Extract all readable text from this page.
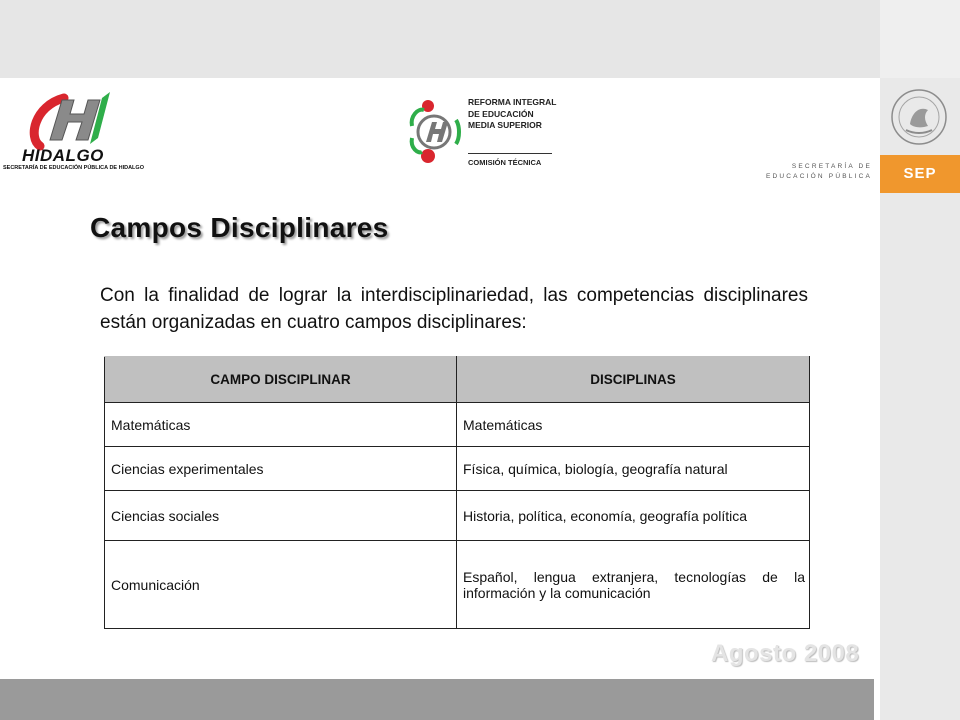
HIDALGO
SECRETARÍA DE EDUCACIÓN PÚBLICA DE HIDALGO
REFORMA INTEGRAL
DE EDUCACIÓN
MEDIA SUPERIOR
COMISIÓN TÉCNICA	SECRETARÍA DE
EDUCACIÓN PÚBLICA	SEP
Campos Disciplinares

Con la finalidad de lograr la interdisciplinariedad, las competencias disciplinares están organizadas en cuatro campos disciplinares:

CAMPO DISCIPLINAR	DISCIPLINAS
Matemáticas	Matemáticas
Ciencias experimentales	Física, química, biología, geografía natural
Ciencias sociales	Historia, política, economía, geografía política
Comunicación	Español, lengua extranjera, tecnologías de la información y la comunicación
Agosto 2008
